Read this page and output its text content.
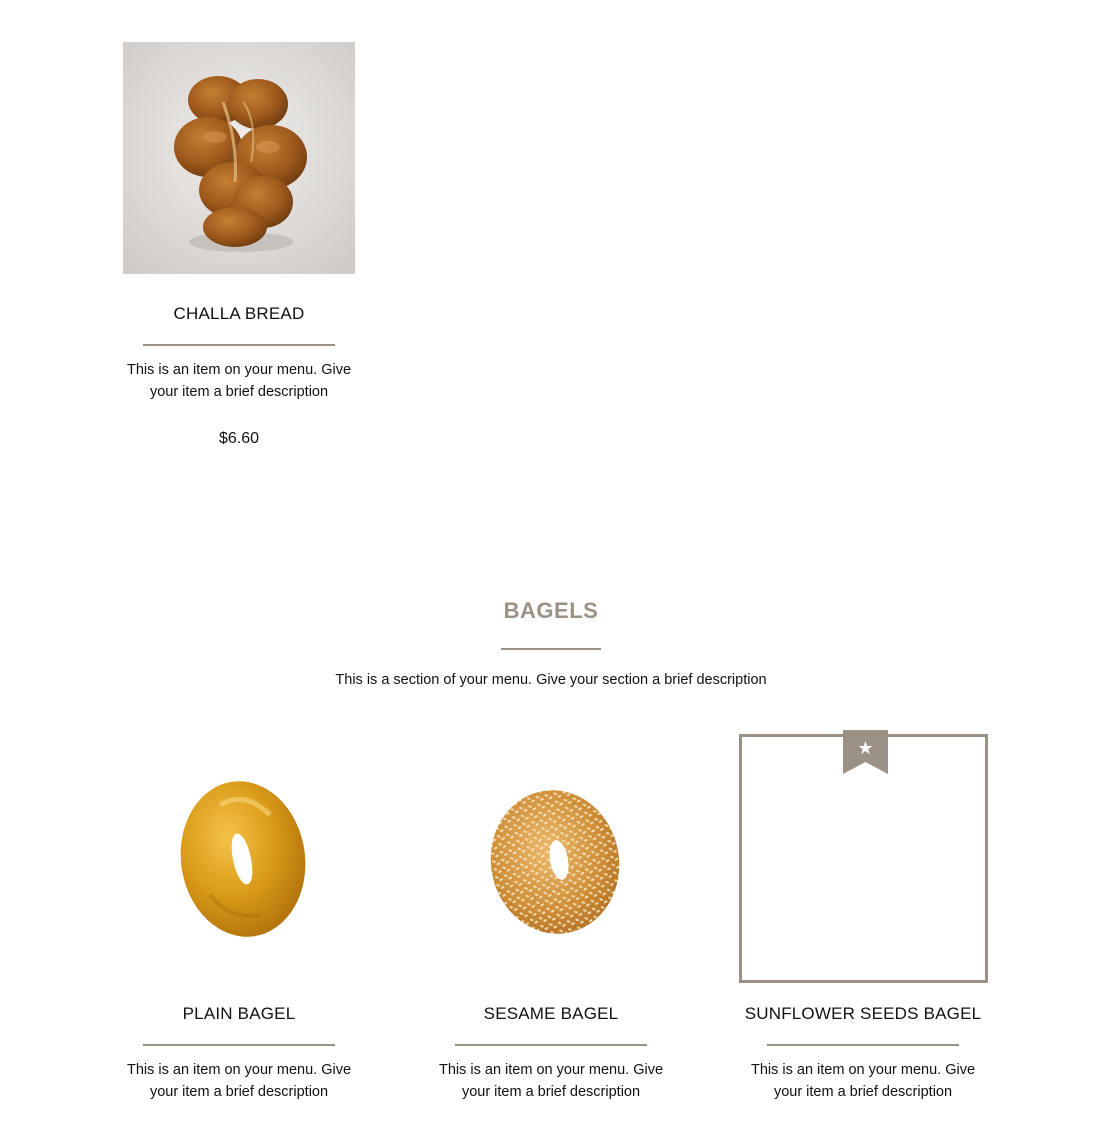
CHALLA BREAD
This is an item on your menu. Give your item a brief description
$6.60
BAGELS
This is a section of your menu. Give your section a brief description
PLAIN BAGEL
This is an item on your menu. Give your item a brief description
SESAME BAGEL
This is an item on your menu. Give your item a brief description
★
SUNFLOWER SEEDS BAGEL
This is an item on your menu. Give your item a brief description
